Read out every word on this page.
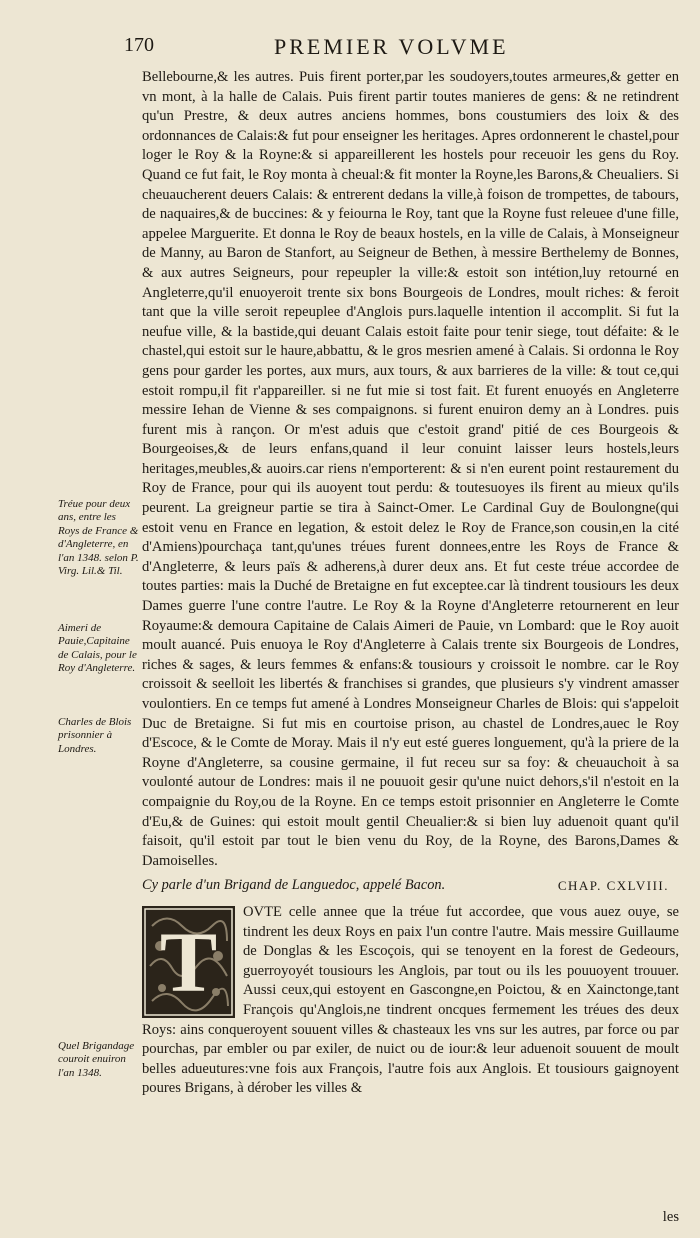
170	PREMIER VOLVME

Bellebourne,& les autres. Puis firent porter,par les soudoyers,toutes armeures,& getter en vn mont, à la halle de Calais. Puis firent partir toutes manieres de gens: & ne retindrent qu'un Prestre, & deux autres anciens hommes, bons coustumiers des loix & des ordonnances de Calais:& fut pour enseigner les heritages. Apres ordonnerent le chastel,pour loger le Roy & la Royne:& si appareillerent les hostels pour receuoir les gens du Roy. Quand ce fut fait, le Roy monta à cheual:& fit monter la Royne,les Barons,& Cheualiers. Si cheuaucherent deuers Calais: & entrerent dedans la ville,à foison de trompettes, de tabours, de naquaires,& de buccines: & y feiourna le Roy, tant que la Royne fust releuee d'une fille, appelee Marguerite. Et donna le Roy de beaux hostels, en la ville de Calais, à Monseigneur de Manny, au Baron de Stanfort, au Seigneur de Bethen, à messire Berthelemy de Bonnes, & aux autres Seigneurs, pour repeupler la ville:& estoit son intétion,luy retourné en Angleterre,qu'il enuoyeroit trente six bons Bourgeois de Londres, moult riches: & feroit tant que la ville seroit repeuplee d'Anglois purs.laquelle intention il accomplit. Si fut la neufue ville, & la bastide,qui deuant Calais estoit faite pour tenir siege, tout défaite: & le chastel,qui estoit sur le haure,abbattu, & le gros mesrien amené à Calais. Si ordonna le Roy gens pour garder les portes, aux murs, aux tours, & aux barrieres de la ville: & tout ce,qui estoit rompu,il fit r'appareiller. si ne fut mie si tost fait. Et furent enuoyés en Angleterre messire Iehan de Vienne & ses compaignons. si furent enuiron demy an à Londres. puis furent mis à rançon. Or m'est aduis que c'estoit grand' pitié de ces Bourgeois & Bourgeoises,& de leurs enfans,quand il leur conuint laisser leurs hostels,leurs heritages,meubles,& auoirs.car riens n'emporterent: & si n'en eurent point restaurement du Roy de France, pour qui ils auoyent tout perdu: & toutesuoyes ils firent au mieux qu'ils peurent. La greigneur partie se tira à Sainct-Omer. Le Cardinal Guy de Boulongne(qui estoit venu en France en legation, & estoit delez le Roy de France,son cousin,en la cité d'Amiens)pourchaça tant,qu'unes tréues furent donnees,entre les Roys de France & d'Angleterre, & leurs païs & adherens,à durer deux ans. Et fut ceste tréue accordee de toutes parties: mais la Duché de Bretaigne en fut exceptee.car là tindrent tousiours les deux Dames guerre l'une contre l'autre. Le Roy & la Royne d'Angleterre retournerent en leur Royaume:& demoura Capitaine de Calais Aimeri de Pauie, vn Lombard: que le Roy auoit moult auancé. Puis enuoya le Roy d'Angleterre à Calais trente six Bourgeois de Londres, riches & sages, & leurs femmes & enfans:& tousiours y croissoit le nombre. car le Roy croissoit & seelloit les libertés & franchises si grandes, que plusieurs s'y vindrent amasser voulontiers. En ce temps fut amené à Londres Monseigneur Charles de Blois: qui s'appeloit Duc de Bretaigne. Si fut mis en courtoise prison, au chastel de Londres,auec le Roy d'Escoce, & le Comte de Moray. Mais il n'y eut esté gueres longuement, qu'à la priere de la Royne d'Angleterre, sa cousine germaine, il fut receu sur sa foy: & cheuauchoit à sa voulonté autour de Londres: mais il ne pouuoit gesir qu'une nuict dehors,s'il n'estoit en la compaignie du Roy,ou de la Royne. En ce temps estoit prisonnier en Angleterre le Comte d'Eu,& de Guines: qui estoit moult gentil Cheualier:& si bien luy aduenoit quant qu'il faisoit, qu'il estoit par tout le bien venu du Roy, de la Royne, des Barons,Dames & Damoiselles.

Tréue pour deux ans, entre les Roys de France & d'Angleterre, en l'an 1348. selon P. Virg. Lil.& Til.
Aimeri de Pauie,Capitaine de Calais, pour le Roy d'Angleterre.
Charles de Blois prisonnier à Londres.
Quel Brigandage couroit enuiron l'an 1348.
Cy parle d'un Brigand de Languedoc, appelé Bacon.	CHAP. CXLVIII.
T
OVTE celle annee que la tréue fut accordee, que vous auez ouye, se tindrent les deux Roys en paix l'un contre l'autre. Mais messire Guillaume de Donglas & les Escoçois, qui se tenoyent en la forest de Gedeours, guerroyoyét tousiours les Anglois, par tout ou ils les pouuoyent trouuer. Aussi ceux,qui estoyent en Gascongne,en Poictou, & en Xainctonge,tant François qu'Anglois,ne tindrent oncques fermement les tréues des deux Roys: ains conqueroyent souuent villes & chasteaux les vns sur les autres, par force ou par pourchas, par embler ou par exiler, de nuict ou de iour:& leur aduenoit souuent de moult belles adueutures:vne fois aux François, l'autre fois aux Anglois. Et tousiours gaignoyent poures Brigans, à dérober les villes &
les
